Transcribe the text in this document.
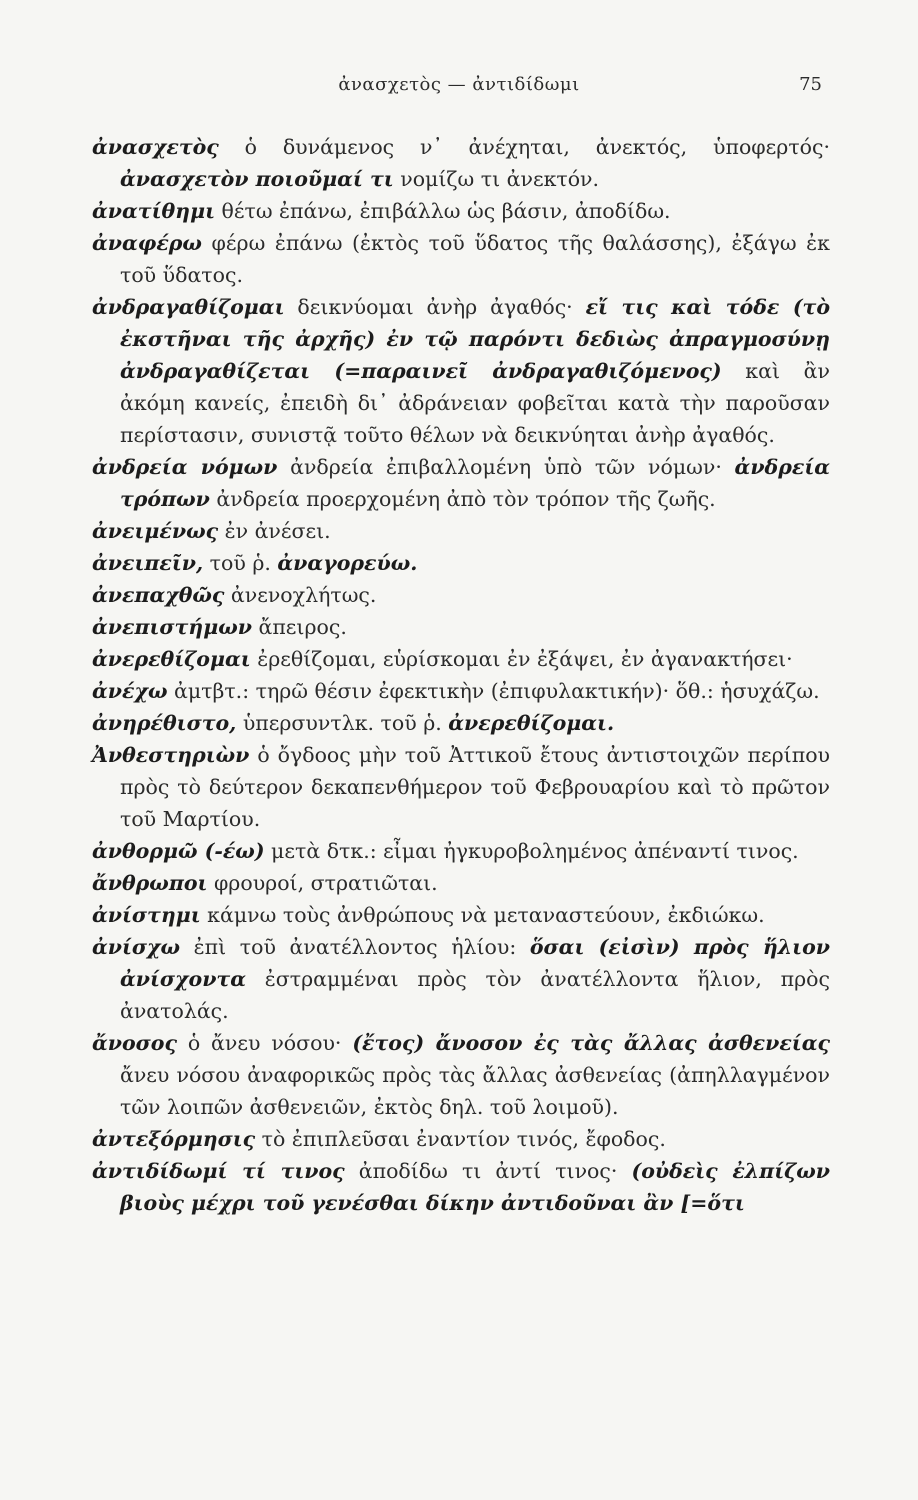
ἀνασχετὸς — ἀντιδίδωμι	75

ἀνασχετὸς ὁ δυνάμενος ν᾽ ἀνέχηται, ἀνεκτός, ὑποφερτός· ἀνασχετὸν ποιοῦμαί τι νομίζω τι ἀνεκτόν.

ἀνατίθημι θέτω ἐπάνω, ἐπιβάλλω ὡς βάσιν, ἀποδίδω.

ἀναφέρω φέρω ἐπάνω (ἐκτὸς τοῦ ὕδατος τῆς θαλάσσης), ἐξάγω ἐκ τοῦ ὕδατος.

ἀνδραγαθίζομαι δεικνύομαι ἀνὴρ ἀγαθός· εἴ τις καὶ τόδε (τὸ ἐκστῆναι τῆς ἀρχῆς) ἐν τῷ παρόντι δεδιὼς ἀπραγμοσύνῃ ἀνδραγαθίζεται (=παραινεῖ ἀνδραγαθιζόμενος) καὶ ἂν ἀκόμη κανείς, ἐπειδὴ δι᾽ ἀδράνειαν φοβεῖται κατὰ τὴν παροῦσαν περίστασιν, συνιστᾷ τοῦτο θέλων νὰ δεικνύηται ἀνὴρ ἀγαθός.

ἀνδρεία νόμων ἀνδρεία ἐπιβαλλομένη ὑπὸ τῶν νόμων· ἀνδρεία τρόπων ἀνδρεία προερχομένη ἀπὸ τὸν τρόπον τῆς ζωῆς.

ἀνειμένως ἐν ἀνέσει.

ἀνειπεῖν, τοῦ ῥ. ἀναγορεύω.

ἀνεπαχθῶς ἀνενοχλήτως.

ἀνεπιστήμων ἄπειρος.

ἀνερεθίζομαι ἐρεθίζομαι, εὑρίσκομαι ἐν ἐξάψει, ἐν ἀγανακτήσει·

ἀνέχω ἀμτβτ.: τηρῶ θέσιν ἐφεκτικὴν (ἐπιφυλακτικήν)· ὅθ.: ἡσυχάζω.

ἀνηρέθιστο, ὑπερσυντλκ. τοῦ ῥ. ἀνερεθίζομαι.

Ἀνθεστηριὼν ὁ ὄγδοος μὴν τοῦ Ἀττικοῦ ἔτους ἀντιστοιχῶν περίπου πρὸς τὸ δεύτερον δεκαπενθήμερον τοῦ Φεβρουαρίου καὶ τὸ πρῶτον τοῦ Μαρτίου.

ἀνθορμῶ (-έω) μετὰ δτκ.: εἶμαι ἠγκυροβολημένος ἀπέναντί τινος.

ἄνθρωποι φρουροί, στρατιῶται.

ἀνίστημι κάμνω τοὺς ἀνθρώπους νὰ μεταναστεύουν, ἐκδιώκω.

ἀνίσχω ἐπὶ τοῦ ἀνατέλλοντος ἡλίου: ὅσαι (εἰσὶν) πρὸς ἥλιον ἀνίσχοντα ἐστραμμέναι πρὸς τὸν ἀνατέλλοντα ἥλιον, πρὸς ἀνατολάς.

ἄνοσος ὁ ἄνευ νόσου· (ἔτος) ἄνοσον ἐς τὰς ἄλλας ἀσθενείας ἄνευ νόσου ἀναφορικῶς πρὸς τὰς ἄλλας ἀσθενείας (ἀπηλλαγμένον τῶν λοιπῶν ἀσθενειῶν, ἐκτὸς δηλ. τοῦ λοιμοῦ).

ἀντεξόρμησις τὸ ἐπιπλεῦσαι ἐναντίον τινός, ἔφοδος.

ἀντιδίδωμί τί τινος ἀποδίδω τι ἀντί τινος· (οὐδεὶς ἐλπίζων βιοὺς μέχρι τοῦ γενέσθαι δίκην ἀντιδοῦναι ἂν [=ὅτι
